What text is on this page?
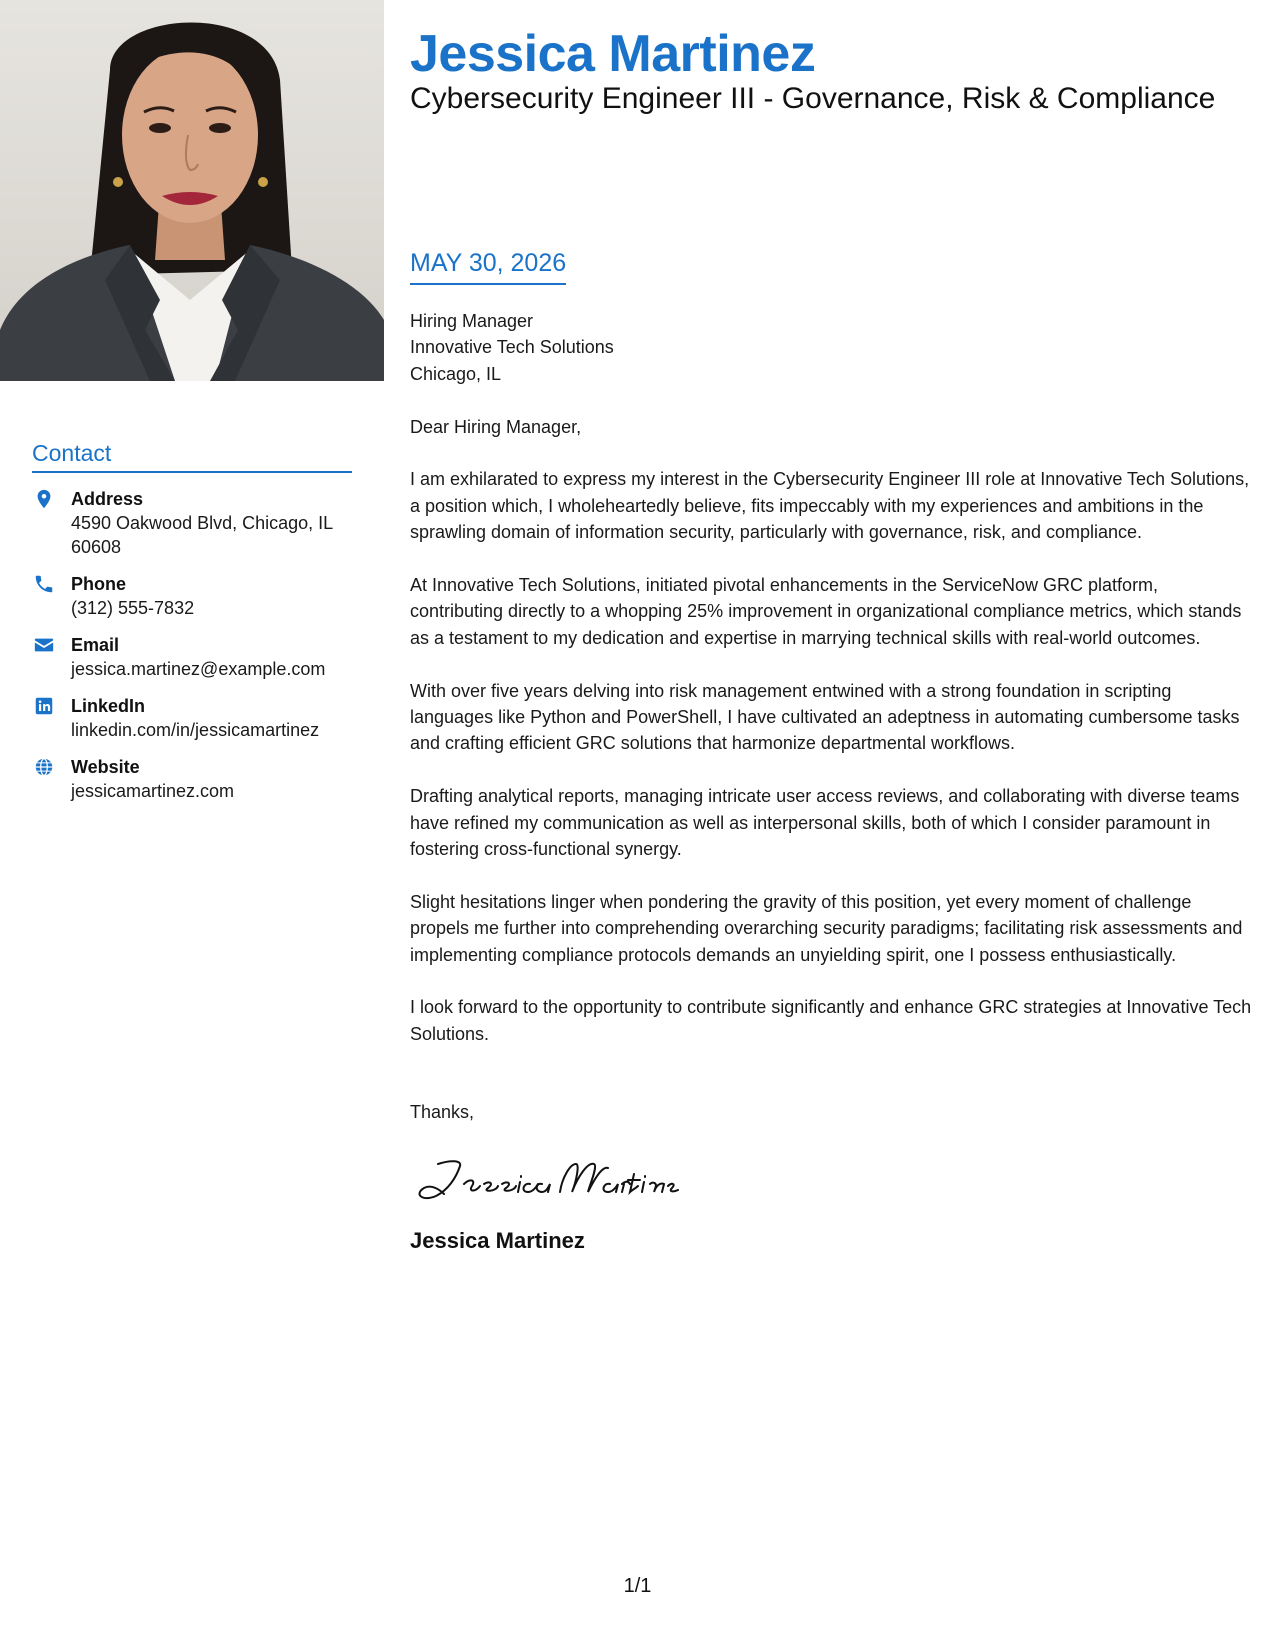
Contact
Address
4590 Oakwood Blvd, Chicago, IL 60608
Phone
(312) 555-7832
Email
jessica.martinez@example.com
LinkedIn
linkedin.com/in/jessicamartinez
Website
jessicamartinez.com
Jessica Martinez
Cybersecurity Engineer III - Governance, Risk & Compliance
MAY 30, 2026
Hiring Manager
Innovative Tech Solutions
Chicago, IL
Dear Hiring Manager,

I am exhilarated to express my interest in the Cybersecurity Engineer III role at Innovative Tech Solutions, a position which, I wholeheartedly believe, fits impeccably with my experiences and ambitions in the sprawling domain of information security, particularly with governance, risk, and compliance.

At Innovative Tech Solutions, initiated pivotal enhancements in the ServiceNow GRC platform, contributing directly to a whopping 25% improvement in organizational compliance metrics, which stands as a testament to my dedication and expertise in marrying technical skills with real-world outcomes.

With over five years delving into risk management entwined with a strong foundation in scripting languages like Python and PowerShell, I have cultivated an adeptness in automating cumbersome tasks and crafting efficient GRC solutions that harmonize departmental workflows.

Drafting analytical reports, managing intricate user access reviews, and collaborating with diverse teams have refined my communication as well as interpersonal skills, both of which I consider paramount in fostering cross-functional synergy.

Slight hesitations linger when pondering the gravity of this position, yet every moment of challenge propels me further into comprehending overarching security paradigms; facilitating risk assessments and implementing compliance protocols demands an unyielding spirit, one I possess enthusiastically.

I look forward to the opportunity to contribute significantly and enhance GRC strategies at Innovative Tech Solutions.

Thanks,
Jessica Martinez
1/1
